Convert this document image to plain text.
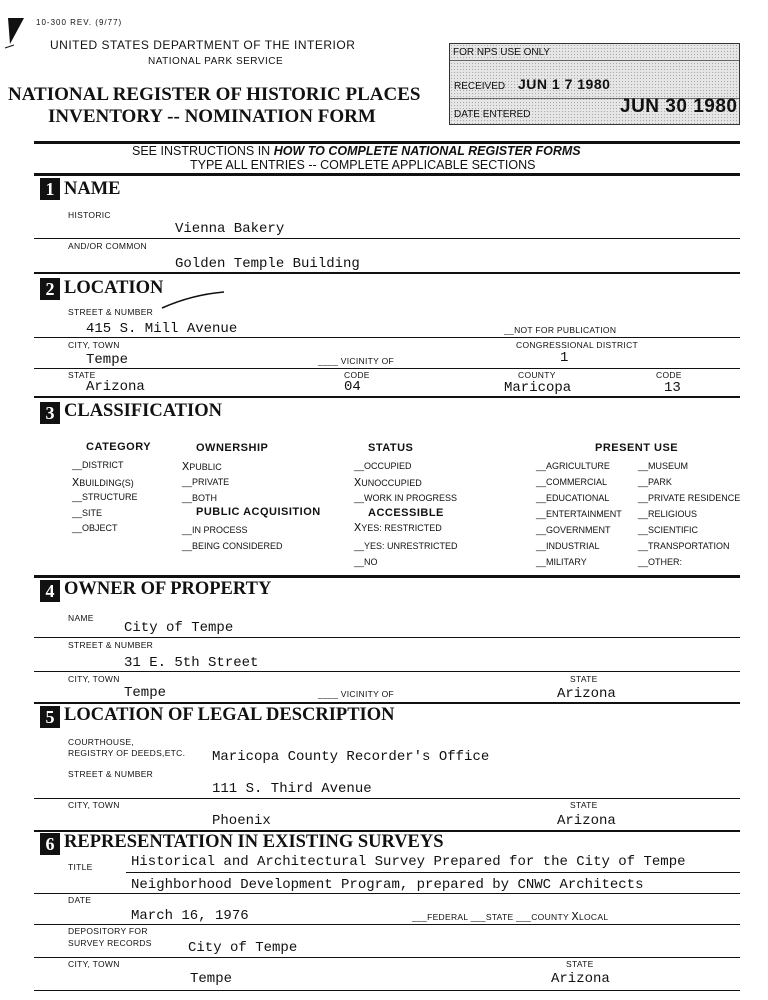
10-300 REV. (9/77)
UNITED STATES DEPARTMENT OF THE INTERIOR
NATIONAL PARK SERVICE
NATIONAL REGISTER OF HISTORIC PLACES
INVENTORY -- NOMINATION FORM
FOR NPS USE ONLY
RECEIVED JUN 1 7 1980
DATE ENTERED	JUN 30 1980
SEE INSTRUCTIONS IN HOW TO COMPLETE NATIONAL REGISTER FORMS
TYPE ALL ENTRIES -- COMPLETE APPLICABLE SECTIONS
1 NAME
HISTORIC
Vienna Bakery
AND/OR COMMON
Golden Temple Building
2 LOCATION
STREET & NUMBER
415 S. Mill Avenue	__NOT FOR PUBLICATION
CITY, TOWN	CONGRESSIONAL DISTRICT
Tempe	____ VICINITY OF	1
STATE	CODE	COUNTY	CODE
Arizona	04	Maricopa	13
3 CLASSIFICATION
CATEGORY
__DISTRICT
XBUILDING(S)
__STRUCTURE
__SITE
__OBJECT
OWNERSHIP
XPUBLIC
__PRIVATE
__BOTH
PUBLIC ACQUISITION
__IN PROCESS
__BEING CONSIDERED
STATUS
__OCCUPIED
XUNOCCUPIED
__WORK IN PROGRESS
ACCESSIBLE
XYES: RESTRICTED
__YES: UNRESTRICTED
__NO
PRESENT USE
__AGRICULTURE
__COMMERCIAL
__EDUCATIONAL
__ENTERTAINMENT
__GOVERNMENT
__INDUSTRIAL
__MILITARY
__MUSEUM
__PARK
__PRIVATE RESIDENCE
__RELIGIOUS
__SCIENTIFIC
__TRANSPORTATION
__OTHER:
4 OWNER OF PROPERTY
NAME
City of Tempe
STREET & NUMBER
31 E. 5th Street
CITY, TOWN	STATE
Tempe	____ VICINITY OF	Arizona
5 LOCATION OF LEGAL DESCRIPTION
COURTHOUSE,
REGISTRY OF DEEDS,ETC. Maricopa County Recorder's Office
STREET & NUMBER
111 S. Third Avenue
CITY, TOWN	STATE
Phoenix	Arizona
6 REPRESENTATION IN EXISTING SURVEYS
TITLE	Historical and Architectural Survey Prepared for the City of Tempe
Neighborhood Development Program, prepared by CNWC Architects
DATE
March 16, 1976	___FEDERAL ___STATE ___COUNTY XLOCAL
DEPOSITORY FOR
SURVEY RECORDS	City of Tempe
CITY, TOWN	STATE
Tempe	Arizona
